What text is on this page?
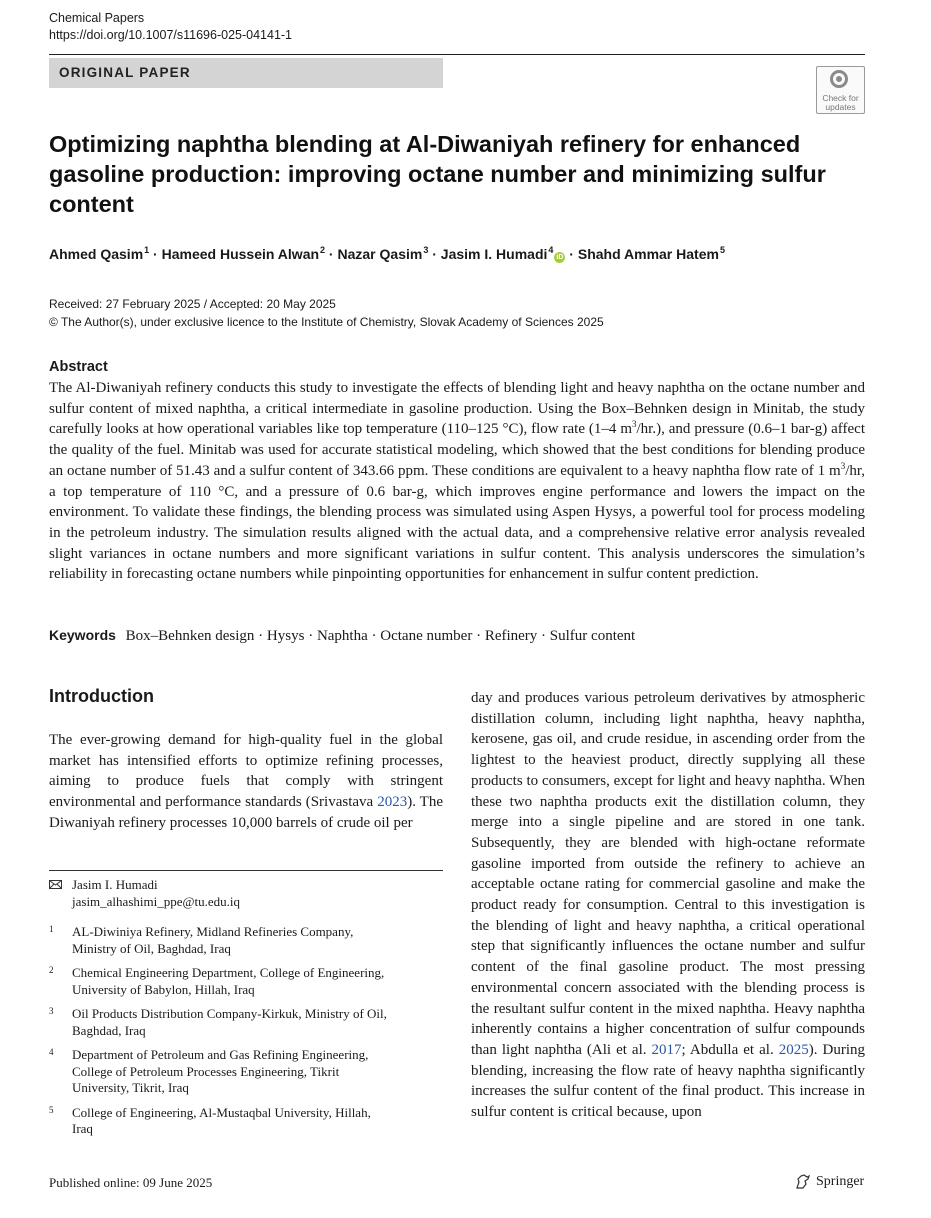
Chemical Papers
https://doi.org/10.1007/s11696-025-04141-1
ORIGINAL PAPER
Check for
updates
Optimizing naphtha blending at Al-Diwaniyah refinery for enhanced gasoline production: improving octane number and minimizing sulfur content
Ahmed Qasim$^1$ · Hameed Hussein Alwan$^2$ · Nazar Qasim$^3$ · Jasim I. Humadi$^4$iD · Shahd Ammar Hatem$^5$
Received: 27 February 2025 / Accepted: 20 May 2025
© The Author(s), under exclusive licence to the Institute of Chemistry, Slovak Academy of Sciences 2025
Abstract
The Al-Diwaniyah refinery conducts this study to investigate the effects of blending light and heavy naphtha on the octane number and sulfur content of mixed naphtha, a critical intermediate in gasoline production. Using the Box–Behnken design in Minitab, the study carefully looks at how operational variables like top temperature (110–125 °C), flow rate (1–4 $m^3/hr$.), and pressure (0.6–1 bar-g) affect the quality of the fuel. Minitab was used for accurate statistical modeling, which showed that the best conditions for blending produce an octane number of 51.43 and a sulfur content of 343.66 ppm. These conditions are equivalent to a heavy naphtha flow rate of 1 $m^3/hr$, a top temperature of 110 °C, and a pressure of 0.6 bar-g, which improves engine performance and lowers the impact on the environment. To validate these findings, the blending process was simulated using Aspen Hysys, a powerful tool for process modeling in the petroleum industry. The simulation results aligned with the actual data, and a comprehensive relative error analysis revealed slight variances in octane numbers and more significant variations in sulfur content. This analysis underscores the simulation’s reliability in forecasting octane numbers while pinpointing opportunities for enhancement in sulfur content prediction.
Keywords Box–Behnken design · Hysys · Naphtha · Octane number · Refinery · Sulfur content
Introduction
The ever-growing demand for high-quality fuel in the global market has intensified efforts to optimize refining processes, aiming to produce fuels that comply with stringent environmental and performance standards (Srivastava 2023). The Diwaniyah refinery processes 10,000 barrels of crude oil per
day and produces various petroleum derivatives by atmospheric distillation column, including light naphtha, heavy naphtha, kerosene, gas oil, and crude residue, in ascending order from the lightest to the heaviest product, directly supplying all these products to consumers, except for light and heavy naphtha. When these two naphtha products exit the distillation column, they merge into a single pipeline and are stored in one tank. Subsequently, they are blended with high-octane reformate gasoline imported from outside the refinery to achieve an acceptable octane rating for commercial gasoline and make the product ready for consumption. Central to this investigation is the blending of light and heavy naphtha, a critical operational step that significantly influences the octane number and sulfur content of the final gasoline product. The most pressing environmental concern associated with the blending process is the resultant sulfur content in the mixed naphtha. Heavy naphtha inherently contains a higher concentration of sulfur compounds than light naphtha (Ali et al. 2017; Abdulla et al. 2025). During blending, increasing the flow rate of heavy naphtha significantly increases the sulfur content of the final product. This increase in sulfur content is critical because, upon
Jasim I. Humadi
jasim_alhashimi_ppe@tu.edu.iq
1 AL-Diwiniya Refinery, Midland Refineries Company,
Ministry of Oil, Baghdad, Iraq
2 Chemical Engineering Department, College of Engineering,
University of Babylon, Hillah, Iraq
3 Oil Products Distribution Company-Kirkuk, Ministry of Oil,
Baghdad, Iraq
4 Department of Petroleum and Gas Refining Engineering,
College of Petroleum Processes Engineering, Tikrit
University, Tikrit, Iraq
5 College of Engineering, Al-Mustaqbal University, Hillah,
Iraq
Published online: 09 June 2025	Springer
